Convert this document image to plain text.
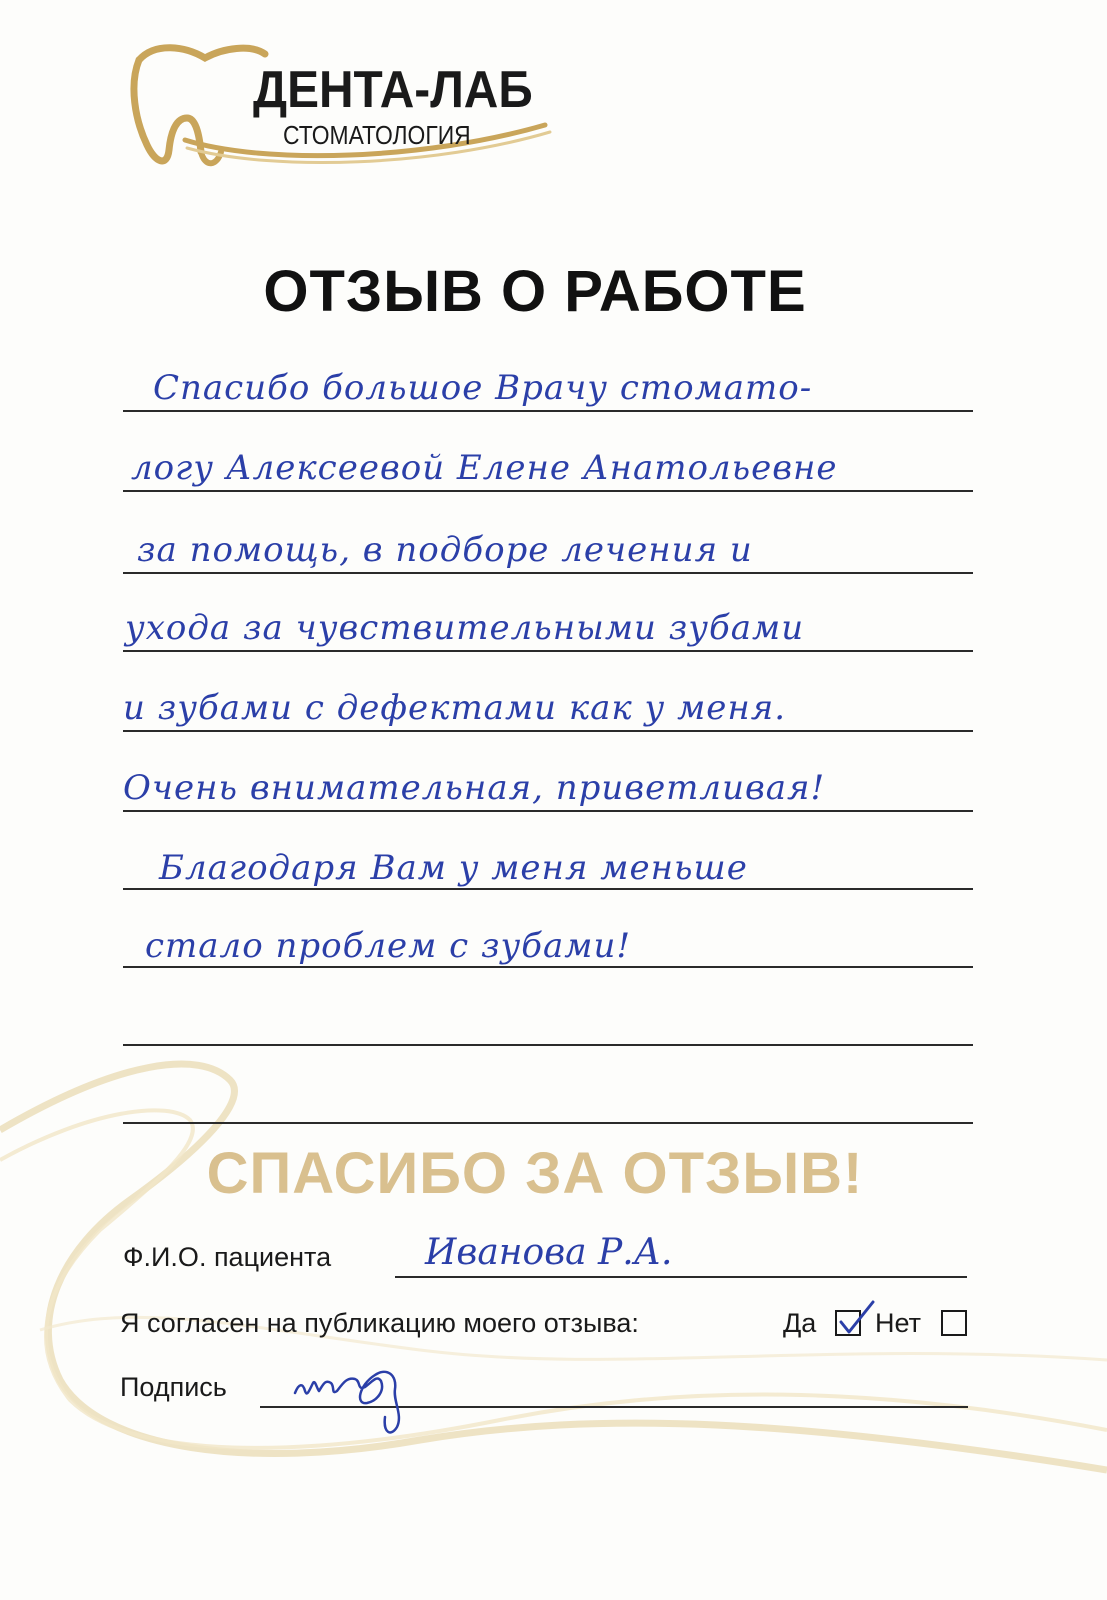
ДЕНТА-ЛАБ
СТОМАТОЛОГИЯ
ОТЗЫВ О РАБОТЕ
Спасибо большое Врачу стомато-
логу Алексеевой Елене Анатольевне
за помощь, в подборе лечения и
ухода за чувствительными зубами
и зубами с дефектами как у меня.
Очень внимательная, приветливая!
Благодаря Вам у меня меньше
стало проблем с зубами!
СПАСИБО ЗА ОТЗЫВ!
Ф.И.О. пациента	Иванова Р.А.
Я согласен на публикацию моего отзыва:	Да Нет
Подпись
